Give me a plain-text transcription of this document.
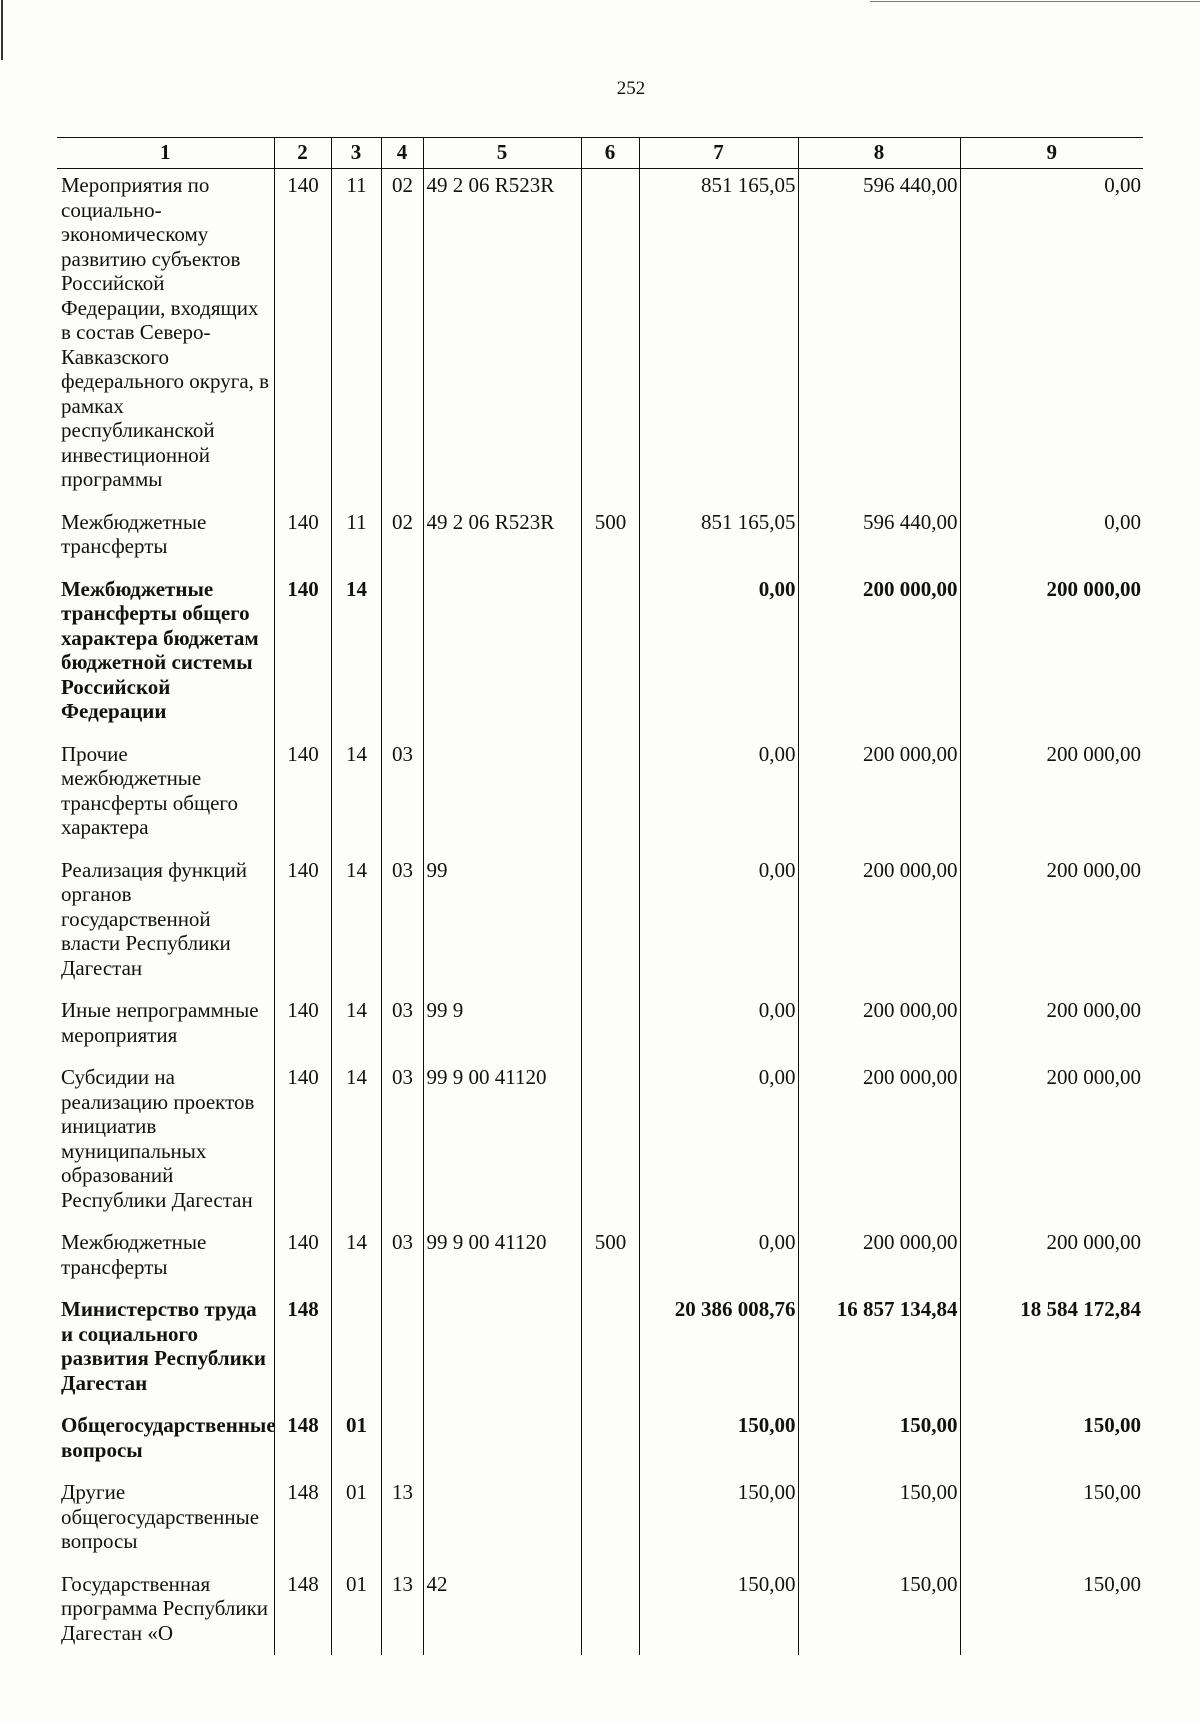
252
1	2	3	4	5	6	7	8	9
Мероприятия по социально-экономическому развитию субъектов Российской Федерации, входящих в состав Северо-Кавказского федерального округа, в рамках республиканской инвестиционной программы	140	11	02	49 2 06 R523R		851 165,05	596 440,00	0,00
Межбюджетные трансферты	140	11	02	49 2 06 R523R	500	851 165,05	596 440,00	0,00
Межбюджетные трансферты общего характера бюджетам бюджетной системы Российской Федерации	140	14				0,00	200 000,00	200 000,00
Прочие межбюджетные трансферты общего характера	140	14	03			0,00	200 000,00	200 000,00
Реализация функций органов государственной власти Республики Дагестан	140	14	03	99		0,00	200 000,00	200 000,00
Иные непрограммные мероприятия	140	14	03	99 9		0,00	200 000,00	200 000,00
Субсидии на реализацию проектов инициатив муниципальных образований Республики Дагестан	140	14	03	99 9 00 41120		0,00	200 000,00	200 000,00
Межбюджетные трансферты	140	14	03	99 9 00 41120	500	0,00	200 000,00	200 000,00
Министерство труда и социального развития Республики Дагестан	148					20 386 008,76	16 857 134,84	18 584 172,84
Общегосударственные вопросы	148	01				150,00	150,00	150,00
Другие общегосударственные вопросы	148	01	13			150,00	150,00	150,00
Государственная программа Республики Дагестан «О	148	01	13	42		150,00	150,00	150,00
